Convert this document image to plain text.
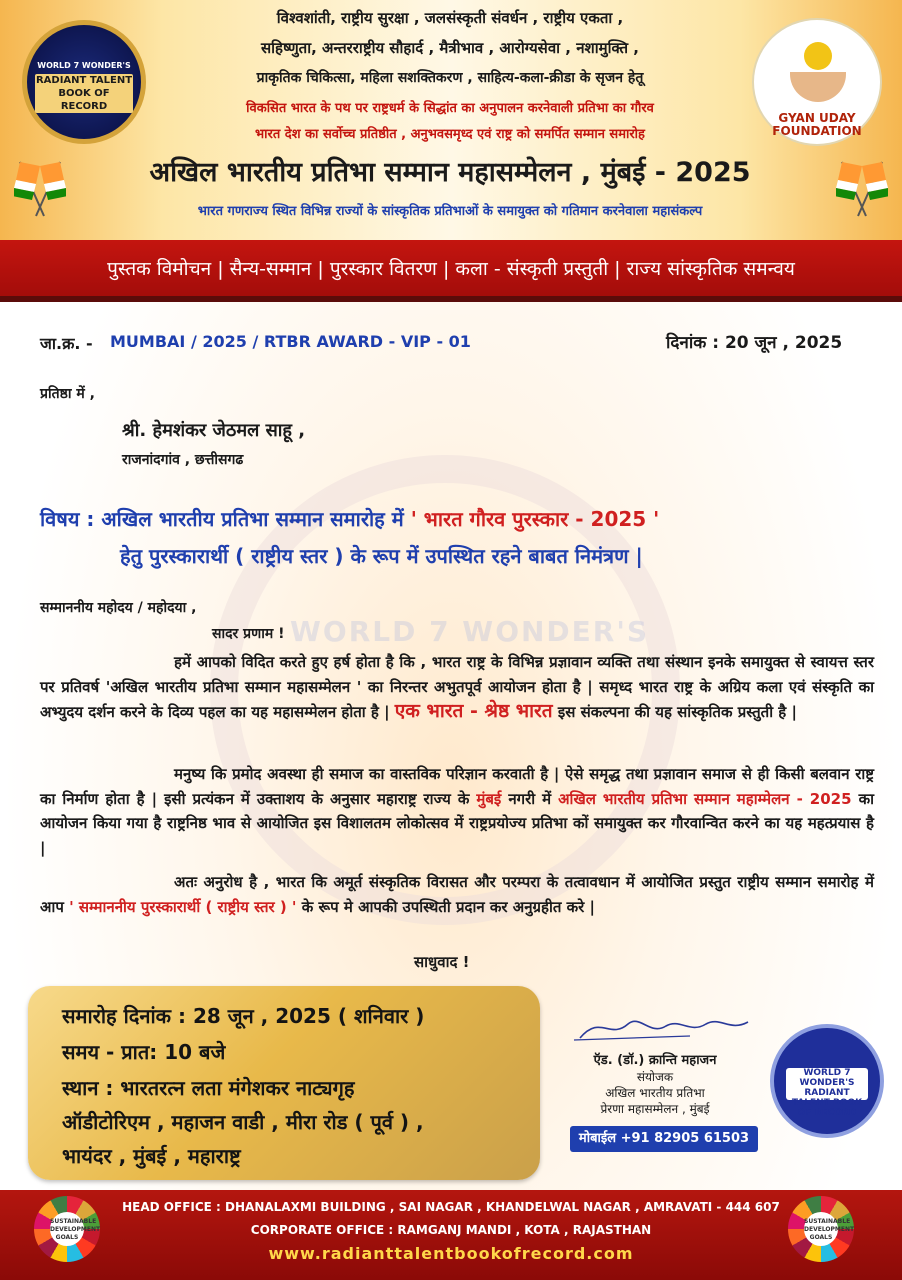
WORLD 7 WONDER'S
RADIANT TALENT BOOK OF RECORD
विश्वशांती, राष्ट्रीय सुरक्षा , जलसंस्कृती संवर्धन , राष्ट्रीय एकता ,
सहिष्णुता, अन्तरराष्ट्रीय सौहार्द , मैत्रीभाव , आरोग्यसेवा , नशामुक्ति ,
प्राकृतिक चिकित्सा, महिला सशक्तिकरण , साहित्य-कला-क्रीडा के सृजन हेतू
विकसित भारत के पथ पर राष्ट्रधर्म के सिद्धांत का अनुपालन करनेवाली प्रतिभा का गौरव
भारत देश का सर्वोच्च प्रतिष्ठीत , अनुभवसमृध्द एवं राष्ट्र को समर्पित सम्मान समारोह
अखिल भारतीय प्रतिभा सम्मान महासम्मेलन , मुंबई - 2025
भारत गणराज्य स्थित विभिन्न राज्यों के सांस्कृतिक प्रतिभाओं के समायुक्त को गतिमान करनेवाला महासंकल्प
GYAN UDAY FOUNDATION
पुस्तक विमोचन | सैन्य-सम्मान | पुरस्कार वितरण | कला - संस्कृती प्रस्तुती | राज्य सांस्कृतिक समन्वय
WORLD 7 WONDER'S
जा.क्र. - MUMBAI / 2025 / RTBR AWARD - VIP - 01	दिनांक : 20 जून , 2025
प्रतिष्ठा में ,
श्री. हेमशंकर जेठमल साहू ,
राजनांदगांव , छत्तीसगढ
विषय : अखिल भारतीय प्रतिभा सम्मान समारोह में ' भारत गौरव पुरस्कार - 2025 '
हेतु पुरस्कारार्थी ( राष्ट्रीय स्तर ) के रूप में उपस्थित रहने बाबत निमंत्रण |
सम्माननीय महोदय / महोदया ,
सादर प्रणाम !
हमें आपको विदित करते हुए हर्ष होता है कि , भारत राष्ट्र के विभिन्न प्रज्ञावान व्यक्ति तथा संस्थान इनके समायुक्त से स्वायत्त स्तर पर प्रतिवर्ष 'अखिल भारतीय प्रतिभा सम्मान महासम्मेलन ' का निरन्तर अभुतपूर्व आयोजन होता है | समृध्द भारत राष्ट्र के अग्रिय कला एवं संस्कृति का अभ्युदय दर्शन करने के दिव्य पहल का यह महासम्मेलन होता है | एक भारत - श्रेष्ठ भारत इस संकल्पना की यह सांस्कृतिक प्रस्तुती है |
मनुष्य कि प्रमोद अवस्था ही समाज का वास्तविक परिज्ञान करवाती है | ऐसे समृद्ध तथा प्रज्ञावान समाज से ही किसी बलवान राष्ट्र का निर्माण होता है | इसी प्रत्यंकन में उक्ताशय के अनुसार महाराष्ट्र राज्य के मुंबई नगरी में अखिल भारतीय प्रतिभा सम्मान महाम्मेलन - 2025 का आयोजन किया गया है राष्ट्रनिष्ठ भाव से आयोजित इस विशालतम लोकोत्सव में राष्ट्रप्रयोज्य प्रतिभा कों समायुक्त कर गौरवान्वित करने का यह महत्प्रयास है |
अतः अनुरोध है , भारत कि अमूर्त संस्कृतिक विरासत और परम्परा के तत्वावधान में आयोजित प्रस्तुत राष्ट्रीय सम्मान समारोह में आप ' सम्माननीय पुरस्कारार्थी ( राष्ट्रीय स्तर ) ' के रूप मे आपकी उपस्थिती प्रदान कर अनुग्रहीत करे |
साधुवाद !
समारोह दिनांक : 28 जून , 2025 ( शनिवार )
समय - प्रात: 10 बजे
स्थान : भारतरत्न लता मंगेशकर नाट्यगृह
ऑडीटोरिएम , महाजन वाडी , मीरा रोड ( पूर्व ) ,
भायंदर , मुंबई , महाराष्ट्र
ऍड. (डॉ.) क्रान्ति महाजन
संयोजक
अखिल भारतीय प्रतिभा
प्रेरणा महासम्मेलन , मुंबई
मोबाईल +91 82905 61503
WORLD 7 WONDER'S RADIANT TALENT BOOK OF RECORD
HEAD OFFICE : DHANALAXMI BUILDING , SAI NAGAR , KHANDELWAL NAGAR , AMRAVATI - 444 607
CORPORATE OFFICE : RAMGANJ MANDI , KOTA , RAJASTHAN
www.radianttalentbookofrecord.com
SUSTAINABLE DEVELOPMENT GOALS
SUSTAINABLE DEVELOPMENT GOALS
